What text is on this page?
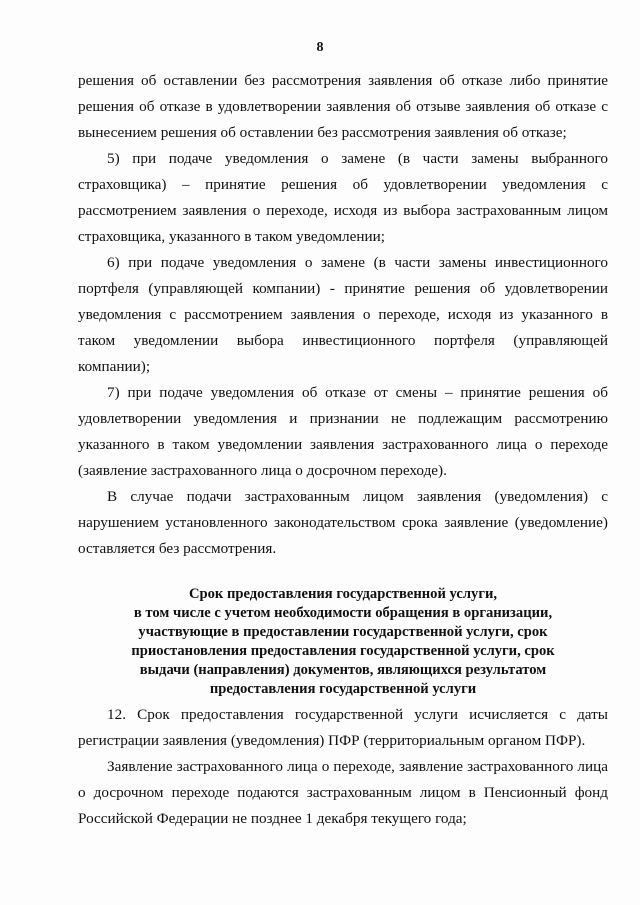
8

решения об оставлении без рассмотрения заявления об отказе либо принятие решения об отказе в удовлетворении заявления об отзыве заявления об отказе с вынесением решения об оставлении без рассмотрения заявления об отказе;

5) при подаче уведомления о замене (в части замены выбранного страховщика) – принятие решения об удовлетворении уведомления с рассмотрением заявления о переходе, исходя из выбора застрахованным лицом страховщика, указанного в таком уведомлении;

6) при подаче уведомления о замене (в части замены инвестиционного портфеля (управляющей компании) - принятие решения об удовлетворении уведомления с рассмотрением заявления о переходе, исходя из указанного в таком уведомлении выбора инвестиционного портфеля (управляющей компании);

7) при подаче уведомления об отказе от смены – принятие решения об удовлетворении уведомления и признании не подлежащим рассмотрению указанного в таком уведомлении заявления застрахованного лица о переходе (заявление застрахованного лица о досрочном переходе).

В случае подачи застрахованным лицом заявления (уведомления) с нарушением установленного законодательством срока заявление (уведомление) оставляется без рассмотрения.

Срок предоставления государственной услуги,
в том числе с учетом необходимости обращения в организации,
участвующие в предоставлении государственной услуги, срок
приостановления предоставления государственной услуги, срок
выдачи (направления) документов, являющихся результатом
предоставления государственной услуги

12. Срок предоставления государственной услуги исчисляется с даты регистрации заявления (уведомления) ПФР (территориальным органом ПФР).

Заявление застрахованного лица о переходе, заявление застрахованного лица о досрочном переходе подаются застрахованным лицом в Пенсионный фонд Российской Федерации не позднее 1 декабря текущего года;
